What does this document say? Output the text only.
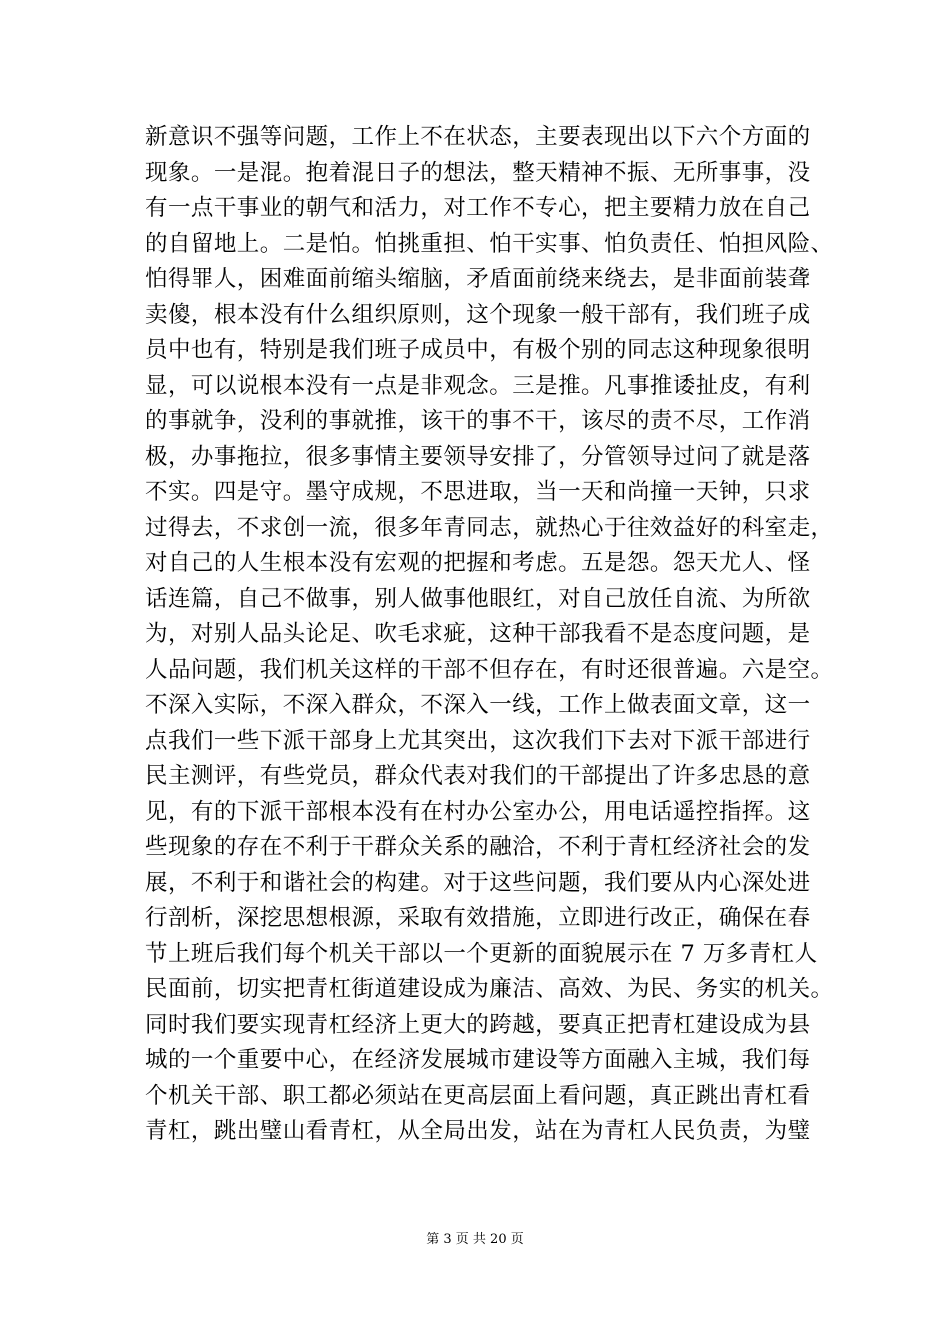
新意识不强等问题，工作上不在状态，主要表现出以下六个方面的
现象。一是混。抱着混日子的想法，整天精神不振、无所事事，没
有一点干事业的朝气和活力，对工作不专心，把主要精力放在自己
的自留地上。二是怕。怕挑重担、怕干实事、怕负责任、怕担风险、
怕得罪人，困难面前缩头缩脑，矛盾面前绕来绕去，是非面前装聋
卖傻，根本没有什么组织原则，这个现象一般干部有，我们班子成
员中也有，特别是我们班子成员中，有极个别的同志这种现象很明
显，可以说根本没有一点是非观念。三是推。凡事推诿扯皮，有利
的事就争，没利的事就推，该干的事不干，该尽的责不尽，工作消
极，办事拖拉，很多事情主要领导安排了，分管领导过问了就是落
不实。四是守。墨守成规，不思进取，当一天和尚撞一天钟，只求
过得去，不求创一流，很多年青同志，就热心于往效益好的科室走，
对自己的人生根本没有宏观的把握和考虑。五是怨。怨天尤人、怪
话连篇，自己不做事，别人做事他眼红，对自己放任自流、为所欲
为，对别人品头论足、吹毛求疵，这种干部我看不是态度问题，是
人品问题，我们机关这样的干部不但存在，有时还很普遍。六是空。
不深入实际，不深入群众，不深入一线，工作上做表面文章，这一
点我们一些下派干部身上尤其突出，这次我们下去对下派干部进行
民主测评，有些党员，群众代表对我们的干部提出了许多忠恳的意
见，有的下派干部根本没有在村办公室办公，用电话遥控指挥。这
些现象的存在不利于干群众关系的融洽，不利于青杠经济社会的发
展，不利于和谐社会的构建。对于这些问题，我们要从内心深处进
行剖析，深挖思想根源，采取有效措施，立即进行改正，确保在春
节上班后我们每个机关干部以一个更新的面貌展示在 7 万多青杠人
民面前，切实把青杠街道建设成为廉洁、高效、为民、务实的机关。
同时我们要实现青杠经济上更大的跨越，要真正把青杠建设成为县
城的一个重要中心，在经济发展城市建设等方面融入主城，我们每
个机关干部、职工都必须站在更高层面上看问题，真正跳出青杠看
青杠，跳出璧山看青杠，从全局出发，站在为青杠人民负责，为璧
第 3 页 共 20 页
